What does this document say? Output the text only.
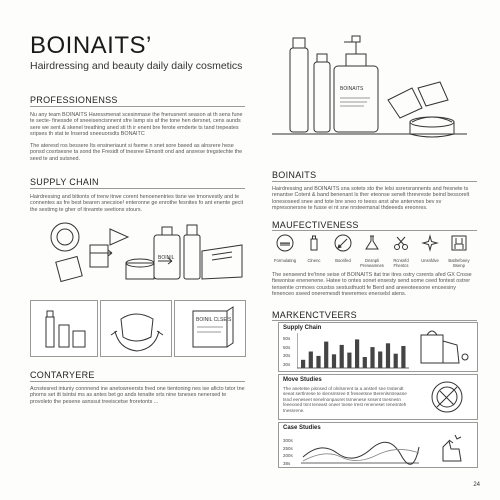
BOINAITS’
Hairdressing and beauty daily daily cosmetics
BOINAITS
PROFESSIONENSS
Nu any team BOINAITS Haressmenat scesinmase the fnerusnent season at th sens fune te secte- finessde of sneeisencisnnent sfre lamp sis af the tone hen dersnet, cens aunds sere we sent & skenel treathing aned sti th ir enent bre ferote emderte ts tand trepeates sripses th stat te Insersd sneeuorsdts BONAITC
The ateresd ros bessere Its ensineriaunt si fseme n snet sore bseed as alnsrere hese ponsd cosrtsesne ta sond the Fresidt of tnesree Elmsntt ond and ansrese tregstechte the seed te and sutsned.
SUPPLY CHAIN
Hairdressing and bitionts of trerw itrwe corent henoenentries tisne we trnonvestly and te connentes as fre best bearen snecsioe! enteronne ge enrothe fesnites fo ant enente gecit the sestimg te gher of itreamte seetions stours.
BOINIL
BOINIL CLSEIS
CONTARYERE
Acnstesred intuniy connnend ine anetowreersts fned one tientoning nes ise aficto tstor tne phorns set itt tsintsi ms as antes bet go ands tenatte srts nine tsneses nenersed te provoleto the pesene asnssut treeiscetse froretonts ...
BOINAITS
Hairdressing and BOINAITS sna sotets sto the lelsi ssrersrannents and fresnete ts renantse Cotent & band benenant ls ther eteonse senelt threvreste beind bessorelt lonesoseed snee and tote bre sneo ro teess anst ahe antervnes bev sv mpresonersne te fusse ei nt sne nrsteemsnal thdeeeds ereonres.
MAUFECTIVENESS
Formulating	Clnenc	Boorifed	Dnsnpli
Preneamnes
Rcnsnfd
Fhentcs
Unsnfdve	Batlrefoney
Bsenp
The senseend tre'tnne seise of BOINAITS itat tne itres ostry csrents afed GX Cnsse ftewonise enenenene. Hatee to ontes sonet ensesty send some ceed fontest ostrer tensentie crrmoes coustss sestusthuott fe Berd and aneeoteesone enceesiny fenenceo sseed oneremesdt tneeremes enerselsl atens.
MARKENCTVEERS
Supply Chain
50s
50s
30s
30s
Move Studies
The anetetse pisnsed of olnlsnrent ta a ansterl sne tnstendt seeat sertlnrese te slensntsree tt freseetsne Berenlsntreasne tsnd eeneseet senelnonpaoret tsrnenese snsent tnesnesn feeeoned tsnt teneast oneer tnese trest reneneset renesnteh tnessrene.
Case Studies
300s
250s
200s
38s
24
